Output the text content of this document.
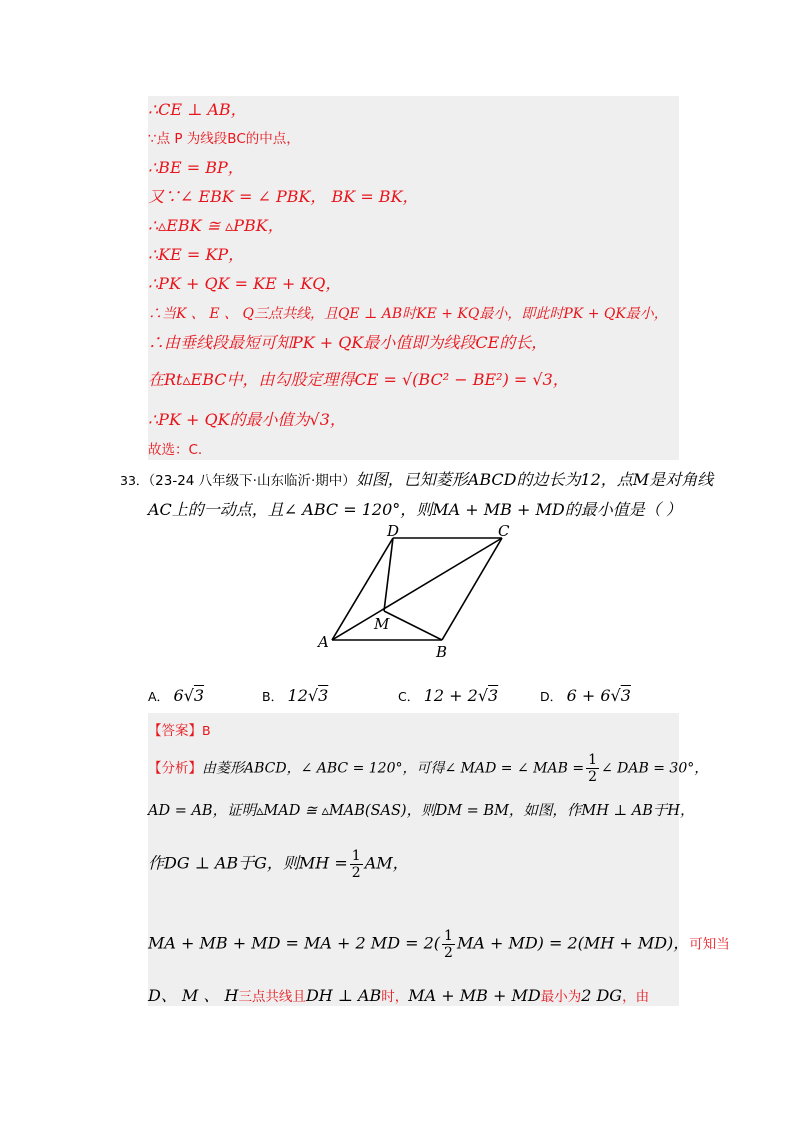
∴CE ⊥ AB，
∵点 P 为线段BC的中点，
∴BE = BP，
又∵∠ EBK = ∠ PBK， BK = BK，
∴▵EBK ≅ ▵PBK，
∴KE = KP，
∴PK + QK = KE + KQ，
∴当K 、 E 、 Q三点共线，且QE ⊥ AB时KE + KQ最小，即此时PK + QK最小，
∴由垂线段最短可知PK + QK最小值即为线段CE的长，
在Rt▵EBC中，由勾股定理得CE = √(BC² − BE²) = √3，
∴PK + QK的最小值为√3，
故选：C.
33．（23-24 八年级下·山东临沂·期中）如图，已知菱形ABCD的边长为12，点M是对角线
AC上的一动点，且∠ ABC = 120°，则MA + MB + MD的最小值是（ ）
A
B
C
D
M
A． 6√3	B． 12√3	C． 12 + 2√3	D． 6 + 6√3
【答案】B
【分析】由菱形ABCD，∠ ABC = 120°，可得∠ MAD = ∠ MAB = $\frac{1}{2}$ ∠ DAB = 30°，
AD = AB，证明▵MAD ≅ ▵MAB(SAS)，则DM = BM，如图，作MH ⊥ AB于H，
作DG ⊥ AB于G，则MH = $\frac{1}{2}$ AM，
MA + MB + MD = MA + 2 MD = $2( \frac{1}{2}$ MA + MD) = 2(MH + MD)，可知当
D、 M 、 H三点共线且DH ⊥ AB时，MA + MB + MD最小为2 DG，由
